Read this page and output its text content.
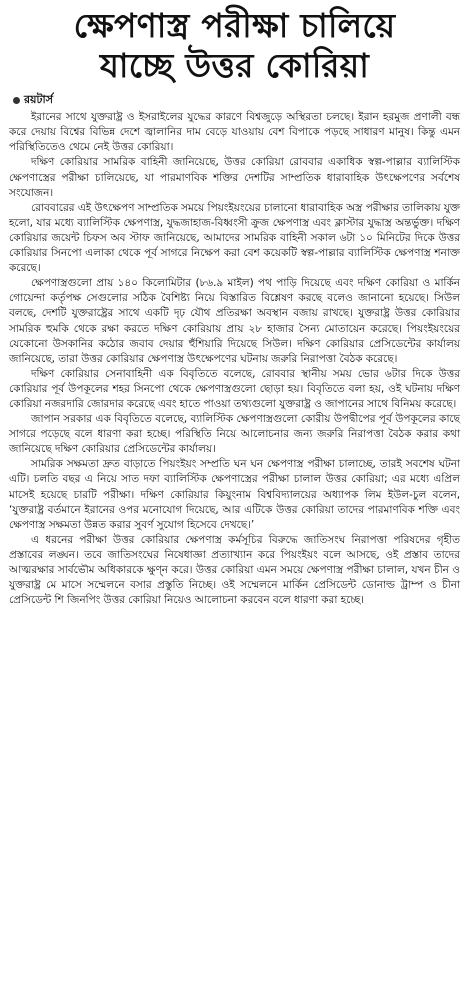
ক্ষেপণাস্ত্র পরীক্ষা চালিয়ে
যাচ্ছে উত্তর কোরিয়া
রয়টার্স

ইরানের সাথে যুক্তরাষ্ট্র ও ইসরাইলের যুদ্ধের কারণে বিশ্বজুড়ে অস্থিরতা চলছে। ইরান হরমুজ প্রণালী বন্ধ করে দেয়ায় বিশ্বের বিভিন্ন দেশে জ্বালানির দাম বেড়ে যাওয়ায় বেশ বিপাকে পড়ছে সাধারণ মানুষ। কিন্তু এমন পরিস্থিতিতেও থেমে নেই উত্তর কোরিয়া।

দক্ষিণ কোরিয়ার সামরিক বাহিনী জানিয়েছে, উত্তর কোরিয়া রোববার একাধিক স্বল্প-পাল্লার ব্যালিস্টিক ক্ষেপণাস্ত্রের পরীক্ষা চালিয়েছে, যা পারমাণবিক শক্তির দেশটির সাম্প্রতিক ধারাবাহিক উৎক্ষেপণের সর্বশেষ সংযোজন।

রোববারের এই উৎক্ষেপণ সাম্প্রতিক সময়ে পিয়ংইয়ংয়ের চালানো ধারাবাহিক অস্ত্র পরীক্ষার তালিকায় যুক্ত হলো, যার মধ্যে ব্যালিস্টিক ক্ষেপণাস্ত্র, যুদ্ধজাহাজ-বিধ্বংসী ক্রুজ ক্ষেপণাস্ত্র এবং ক্লাস্টার যুদ্ধাস্ত্র অন্তর্ভুক্ত। দক্ষিণ কোরিয়ার জয়েন্ট চিফস অব স্টাফ জানিয়েছে, আমাদের সামরিক বাহিনী সকাল ৬টা ১০ মিনিটের দিকে উত্তর কোরিয়ার সিনপো এলাকা থেকে পূর্ব সাগরে নিক্ষেপ করা বেশ কয়েকটি স্বল্প-পাল্লার ব্যালিস্টিক ক্ষেপণাস্ত্র শনাক্ত করেছে।

ক্ষেপণাস্ত্রগুলো প্রায় ১৪০ কিলোমিটার (৮৬.৯ মাইল) পথ পাড়ি দিয়েছে এবং দক্ষিণ কোরিয়া ও মার্কিন গোয়েন্দা কর্তৃপক্ষ সেগুলোর সঠিক বৈশিষ্ট্য নিয়ে বিস্তারিত বিশ্লেষণ করছে বলেও জানানো হয়েছে। সিউল বলছে, দেশটি যুক্তরাষ্ট্রের সাথে একটি দৃঢ় যৌথ প্রতিরক্ষা অবস্থান বজায় রাখছে। যুক্তরাষ্ট্র উত্তর কোরিয়ার সামরিক হুমকি থেকে রক্ষা করতে দক্ষিণ কোরিয়ায় প্রায় ২৮ হাজার সৈন্য মোতায়েন করেছে। পিয়ংইয়ংয়ের যেকোনো উসকানির কঠোর জবাব দেয়ার হুঁশিয়ারি দিয়েছে সিউল। দক্ষিণ কোরিয়ার প্রেসিডেন্টের কার্যালয় জানিয়েছে, তারা উত্তর কোরিয়ার ক্ষেপণাস্ত্র উৎক্ষেপণের ঘটনায় জরুরি নিরাপত্তা বৈঠক করেছে।

দক্ষিণ কোরিয়ার সেনাবাহিনী এক বিবৃতিতে বলেছে, রোববার স্থানীয় সময় ভোর ৬টার দিকে উত্তর কোরিয়ার পূর্ব উপকূলের শহর সিনপো থেকে ক্ষেপণাস্ত্রগুলো ছোড়া হয়। বিবৃতিতে বলা হয়, ওই ঘটনায় দক্ষিণ কোরিয়া নজরদারি জোরদার করেছে এবং হাতে পাওয়া তথ্যগুলো যুক্তরাষ্ট্র ও জাপানের সাথে বিনিময় করেছে।

জাপান সরকার এক বিবৃতিতে বলেছে, ব্যালিস্টিক ক্ষেপণাস্ত্রগুলো কোরীয় উপদ্বীপের পূর্ব উপকূলের কাছে সাগরে পড়েছে বলে ধারণা করা হচ্ছে। পরিস্থিতি নিয়ে আলোচনার জন্য জরুরি নিরাপত্তা বৈঠক করার কথা জানিয়েছে দক্ষিণ কোরিয়ার প্রেসিডেন্টের কার্যালয়।

সামরিক সক্ষমতা দ্রুত বাড়াতে পিয়ংইয়ং সম্প্রতি ঘন ঘন ক্ষেপণাস্ত্র পরীক্ষা চালাচ্ছে, তারই সবশেষ ঘটনা এটি। চলতি বছর এ নিয়ে সাত দফা ব্যালিস্টিক ক্ষেপণাস্ত্রের পরীক্ষা চালাল উত্তর কোরিয়া; এর মধ্যে এপ্রিল মাসেই হয়েছে চারটি পরীক্ষা। দক্ষিণ কোরিয়ার কিয়ুংনাম বিশ্ববিদ্যালয়ের অধ্যাপক লিম ইউল-চুল বলেন, ‘যুক্তরাষ্ট্র বর্তমানে ইরানের ওপর মনোযোগ দিয়েছে, আর এটিকে উত্তর কোরিয়া তাদের পারমাণবিক শক্তি এবং ক্ষেপণাস্ত্র সক্ষমতা উন্নত করার সুবর্ণ সুযোগ হিসেবে দেখছে।’

এ ধরনের পরীক্ষা উত্তর কোরিয়ার ক্ষেপণাস্ত্র কর্মসূচির বিরুদ্ধে জাতিসংঘ নিরাপত্তা পরিষদের গৃহীত প্রস্তাবের লঙ্ঘন। তবে জাতিসংঘের নিষেধাজ্ঞা প্রত্যাখ্যান করে পিয়ংইয়ং বলে আসছে, ওই প্রস্তাব তাদের আত্মরক্ষার সার্বভৌম অধিকারকে ক্ষুণ্ন করে। উত্তর কোরিয়া এমন সময়ে ক্ষেপণাস্ত্র পরীক্ষা চালাল, যখন চীন ও যুক্তরাষ্ট্র মে মাসে সম্মেলনে বসার প্রস্তুতি নিচ্ছে। ওই সম্মেলনে মার্কিন প্রেসিডেন্ট ডোনাল্ড ট্রাম্প ও চীনা প্রেসিডেন্ট শি জিনপিং উত্তর কোরিয়া নিয়েও আলোচনা করবেন বলে ধারণা করা হচ্ছে।
